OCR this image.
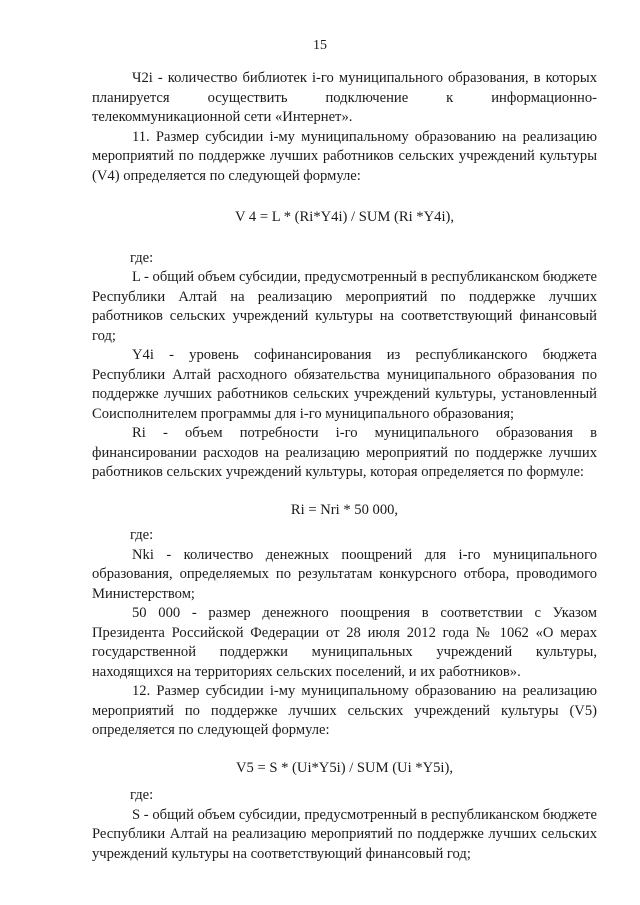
15

Ч2i - количество библиотек i-го муниципального образования, в которых планируется осуществить подключение к информационно-телекоммуникационной сети «Интернет».

11. Размер субсидии i-му муниципальному образованию на реализацию мероприятий по поддержке лучших работников сельских учреждений культуры (V4) определяется по следующей формуле:

V 4 = L * (Ri*Y4i) / SUM (Ri *Y4i),

где:

L - общий объем субсидии, предусмотренный в республиканском бюджете Республики Алтай на реализацию мероприятий по поддержке лучших работников сельских учреждений культуры на соответствующий финансовый год;

Y4i - уровень софинансирования из республиканского бюджета Республики Алтай расходного обязательства муниципального образования по поддержке лучших работников сельских учреждений культуры, установленный Соисполнителем программы для i-го муниципального образования;

Ri - объем потребности i-го муниципального образования в финансировании расходов на реализацию мероприятий по поддержке лучших работников сельских учреждений культуры, которая определяется по формуле:

Ri = Nri * 50 000,

где:

Nki - количество денежных поощрений для i-го муниципального образования, определяемых по результатам конкурсного отбора, проводимого Министерством;

50 000 - размер денежного поощрения в соответствии с Указом Президента Российской Федерации от 28 июля 2012 года № 1062 «О мерах государственной поддержки муниципальных учреждений культуры, находящихся на территориях сельских поселений, и их работников».

12. Размер субсидии i-му муниципальному образованию на реализацию мероприятий по поддержке лучших сельских учреждений культуры (V5) определяется по следующей формуле:

V5 = S * (Ui*Y5i) / SUM (Ui *Y5i),

где:

S - общий объем субсидии, предусмотренный в республиканском бюджете Республики Алтай на реализацию мероприятий по поддержке лучших сельских учреждений культуры на соответствующий финансовый год;
